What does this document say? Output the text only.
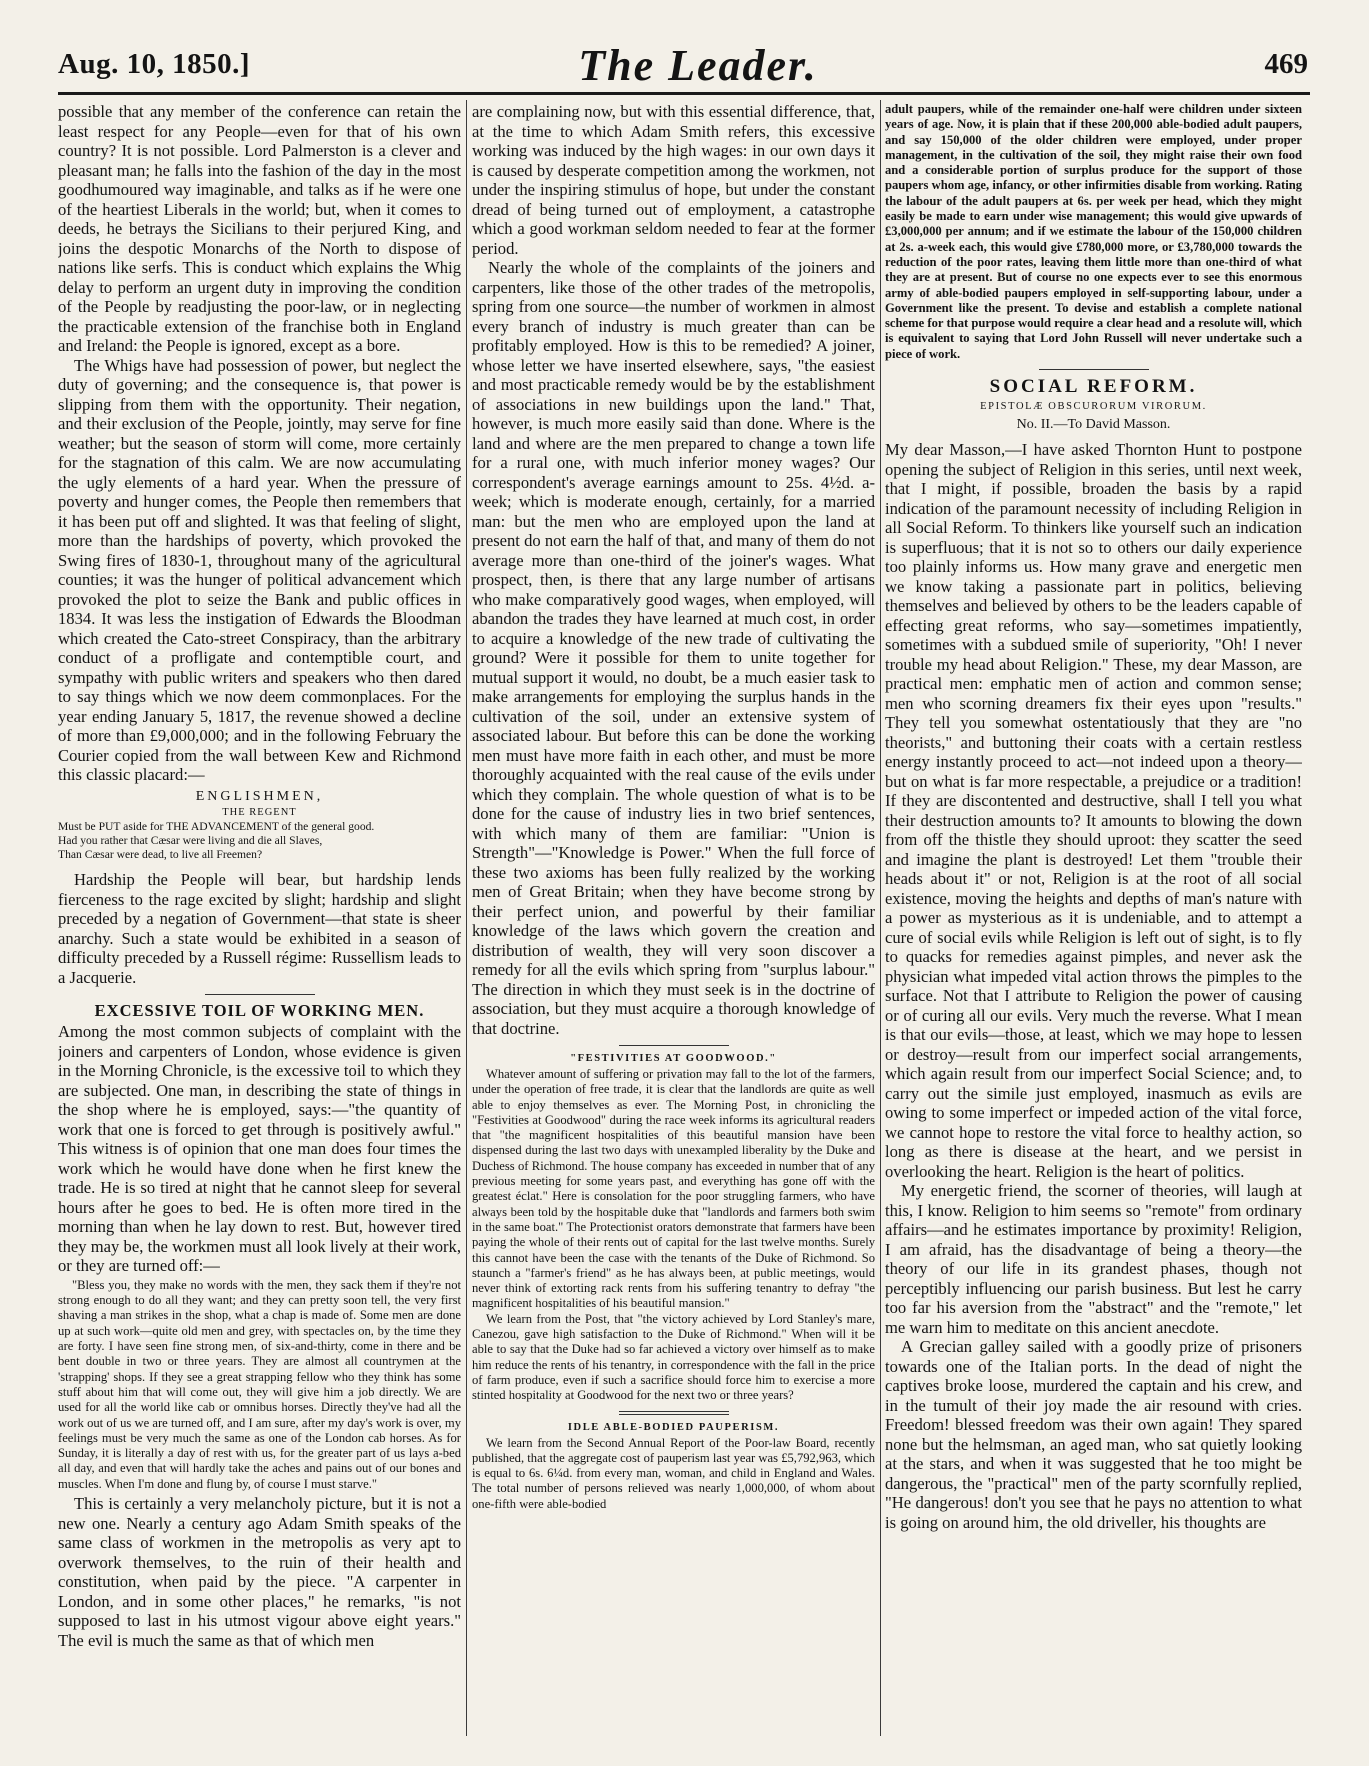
Aug. 10, 1850.]	The Leader.	469

possible that any member of the conference can retain the least respect for any People—even for that of his own country? It is not possible. Lord Palmerston is a clever and pleasant man; he falls into the fashion of the day in the most goodhumoured way imaginable, and talks as if he were one of the heartiest Liberals in the world; but, when it comes to deeds, he betrays the Sicilians to their perjured King, and joins the despotic Monarchs of the North to dispose of nations like serfs. This is conduct which explains the Whig delay to perform an urgent duty in improving the condition of the People by readjusting the poor-law, or in neglecting the practicable extension of the franchise both in England and Ireland: the People is ignored, except as a bore.

The Whigs have had possession of power, but neglect the duty of governing; and the consequence is, that power is slipping from them with the opportunity. Their negation, and their exclusion of the People, jointly, may serve for fine weather; but the season of storm will come, more certainly for the stagnation of this calm. We are now accumulating the ugly elements of a hard year. When the pressure of poverty and hunger comes, the People then remembers that it has been put off and slighted. It was that feeling of slight, more than the hardships of poverty, which provoked the Swing fires of 1830-1, throughout many of the agricultural counties; it was the hunger of political advancement which provoked the plot to seize the Bank and public offices in 1834. It was less the instigation of Edwards the Bloodman which created the Cato-street Conspiracy, than the arbitrary conduct of a profligate and contemptible court, and sympathy with public writers and speakers who then dared to say things which we now deem commonplaces. For the year ending January 5, 1817, the revenue showed a decline of more than £9,000,000; and in the following February the Courier copied from the wall between Kew and Richmond this classic placard:—

ENGLISHMEN,
THE REGENT
Must be PUT aside for THE ADVANCEMENT of the general good.
Had you rather that Cæsar were living and die all Slaves,
Than Cæsar were dead, to live all Freemen?

Hardship the People will bear, but hardship lends fierceness to the rage excited by slight; hardship and slight preceded by a negation of Government—that state is sheer anarchy. Such a state would be exhibited in a season of difficulty preceded by a Russell régime: Russellism leads to a Jacquerie.

EXCESSIVE TOIL OF WORKING MEN.

Among the most common subjects of complaint with the joiners and carpenters of London, whose evidence is given in the Morning Chronicle, is the excessive toil to which they are subjected. One man, in describing the state of things in the shop where he is employed, says:—"the quantity of work that one is forced to get through is positively awful." This witness is of opinion that one man does four times the work which he would have done when he first knew the trade. He is so tired at night that he cannot sleep for several hours after he goes to bed. He is often more tired in the morning than when he lay down to rest. But, however tired they may be, the workmen must all look lively at their work, or they are turned off:—

"Bless you, they make no words with the men, they sack them if they're not strong enough to do all they want; and they can pretty soon tell, the very first shaving a man strikes in the shop, what a chap is made of. Some men are done up at such work—quite old men and grey, with spectacles on, by the time they are forty. I have seen fine strong men, of six-and-thirty, come in there and be bent double in two or three years. They are almost all countrymen at the 'strapping' shops. If they see a great strapping fellow who they think has some stuff about him that will come out, they will give him a job directly. We are used for all the world like cab or omnibus horses. Directly they've had all the work out of us we are turned off, and I am sure, after my day's work is over, my feelings must be very much the same as one of the London cab horses. As for Sunday, it is literally a day of rest with us, for the greater part of us lays a-bed all day, and even that will hardly take the aches and pains out of our bones and muscles. When I'm done and flung by, of course I must starve."

This is certainly a very melancholy picture, but it is not a new one. Nearly a century ago Adam Smith speaks of the same class of workmen in the metropolis as very apt to overwork themselves, to the ruin of their health and constitution, when paid by the piece. "A carpenter in London, and in some other places," he remarks, "is not supposed to last in his utmost vigour above eight years." The evil is much the same as that of which men

are complaining now, but with this essential difference, that, at the time to which Adam Smith refers, this excessive working was induced by the high wages: in our own days it is caused by desperate competition among the workmen, not under the inspiring stimulus of hope, but under the constant dread of being turned out of employment, a catastrophe which a good workman seldom needed to fear at the former period.

Nearly the whole of the complaints of the joiners and carpenters, like those of the other trades of the metropolis, spring from one source—the number of workmen in almost every branch of industry is much greater than can be profitably employed. How is this to be remedied? A joiner, whose letter we have inserted elsewhere, says, "the easiest and most practicable remedy would be by the establishment of associations in new buildings upon the land." That, however, is much more easily said than done. Where is the land and where are the men prepared to change a town life for a rural one, with much inferior money wages? Our correspondent's average earnings amount to 25s. 4½d. a-week; which is moderate enough, certainly, for a married man: but the men who are employed upon the land at present do not earn the half of that, and many of them do not average more than one-third of the joiner's wages. What prospect, then, is there that any large number of artisans who make comparatively good wages, when employed, will abandon the trades they have learned at much cost, in order to acquire a knowledge of the new trade of cultivating the ground? Were it possible for them to unite together for mutual support it would, no doubt, be a much easier task to make arrangements for employing the surplus hands in the cultivation of the soil, under an extensive system of associated labour. But before this can be done the working men must have more faith in each other, and must be more thoroughly acquainted with the real cause of the evils under which they complain. The whole question of what is to be done for the cause of industry lies in two brief sentences, with which many of them are familiar: "Union is Strength"—"Knowledge is Power." When the full force of these two axioms has been fully realized by the working men of Great Britain; when they have become strong by their perfect union, and powerful by their familiar knowledge of the laws which govern the creation and distribution of wealth, they will very soon discover a remedy for all the evils which spring from "surplus labour." The direction in which they must seek is in the doctrine of association, but they must acquire a thorough knowledge of that doctrine.

"FESTIVITIES AT GOODWOOD."

Whatever amount of suffering or privation may fall to the lot of the farmers, under the operation of free trade, it is clear that the landlords are quite as well able to enjoy themselves as ever. The Morning Post, in chronicling the "Festivities at Goodwood" during the race week informs its agricultural readers that "the magnificent hospitalities of this beautiful mansion have been dispensed during the last two days with unexampled liberality by the Duke and Duchess of Richmond. The house company has exceeded in number that of any previous meeting for some years past, and everything has gone off with the greatest éclat." Here is consolation for the poor struggling farmers, who have always been told by the hospitable duke that "landlords and farmers both swim in the same boat." The Protectionist orators demonstrate that farmers have been paying the whole of their rents out of capital for the last twelve months. Surely this cannot have been the case with the tenants of the Duke of Richmond. So staunch a "farmer's friend" as he has always been, at public meetings, would never think of extorting rack rents from his suffering tenantry to defray "the magnificent hospitalities of his beautiful mansion."

We learn from the Post, that "the victory achieved by Lord Stanley's mare, Canezou, gave high satisfaction to the Duke of Richmond." When will it be able to say that the Duke had so far achieved a victory over himself as to make him reduce the rents of his tenantry, in correspondence with the fall in the price of farm produce, even if such a sacrifice should force him to exercise a more stinted hospitality at Goodwood for the next two or three years?

IDLE ABLE-BODIED PAUPERISM.

We learn from the Second Annual Report of the Poor-law Board, recently published, that the aggregate cost of pauperism last year was £5,792,963, which is equal to 6s. 6¼d. from every man, woman, and child in England and Wales. The total number of persons relieved was nearly 1,000,000, of whom about one-fifth were able-bodied

adult paupers, while of the remainder one-half were children under sixteen years of age. Now, it is plain that if these 200,000 able-bodied adult paupers, and say 150,000 of the older children were employed, under proper management, in the cultivation of the soil, they might raise their own food and a considerable portion of surplus produce for the support of those paupers whom age, infancy, or other infirmities disable from working. Rating the labour of the adult paupers at 6s. per week per head, which they might easily be made to earn under wise management; this would give upwards of £3,000,000 per annum; and if we estimate the labour of the 150,000 children at 2s. a-week each, this would give £780,000 more, or £3,780,000 towards the reduction of the poor rates, leaving them little more than one-third of what they are at present. But of course no one expects ever to see this enormous army of able-bodied paupers employed in self-supporting labour, under a Government like the present. To devise and establish a complete national scheme for that purpose would require a clear head and a resolute will, which is equivalent to saying that Lord John Russell will never undertake such a piece of work.

SOCIAL REFORM.
EPISTOLÆ OBSCURORUM VIRORUM.
No. II.—To David Masson.

My dear Masson,—I have asked Thornton Hunt to postpone opening the subject of Religion in this series, until next week, that I might, if possible, broaden the basis by a rapid indication of the paramount necessity of including Religion in all Social Reform. To thinkers like yourself such an indication is superfluous; that it is not so to others our daily experience too plainly informs us. How many grave and energetic men we know taking a passionate part in politics, believing themselves and believed by others to be the leaders capable of effecting great reforms, who say—sometimes impatiently, sometimes with a subdued smile of superiority, "Oh! I never trouble my head about Religion." These, my dear Masson, are practical men: emphatic men of action and common sense; men who scorning dreamers fix their eyes upon "results." They tell you somewhat ostentatiously that they are "no theorists," and buttoning their coats with a certain restless energy instantly proceed to act—not indeed upon a theory—but on what is far more respectable, a prejudice or a tradition! If they are discontented and destructive, shall I tell you what their destruction amounts to? It amounts to blowing the down from off the thistle they should uproot: they scatter the seed and imagine the plant is destroyed! Let them "trouble their heads about it" or not, Religion is at the root of all social existence, moving the heights and depths of man's nature with a power as mysterious as it is undeniable, and to attempt a cure of social evils while Religion is left out of sight, is to fly to quacks for remedies against pimples, and never ask the physician what impeded vital action throws the pimples to the surface. Not that I attribute to Religion the power of causing or of curing all our evils. Very much the reverse. What I mean is that our evils—those, at least, which we may hope to lessen or destroy—result from our imperfect social arrangements, which again result from our imperfect Social Science; and, to carry out the simile just employed, inasmuch as evils are owing to some imperfect or impeded action of the vital force, we cannot hope to restore the vital force to healthy action, so long as there is disease at the heart, and we persist in overlooking the heart. Religion is the heart of politics.

My energetic friend, the scorner of theories, will laugh at this, I know. Religion to him seems so "remote" from ordinary affairs—and he estimates importance by proximity! Religion, I am afraid, has the disadvantage of being a theory—the theory of our life in its grandest phases, though not perceptibly influencing our parish business. But lest he carry too far his aversion from the "abstract" and the "remote," let me warn him to meditate on this ancient anecdote.

A Grecian galley sailed with a goodly prize of prisoners towards one of the Italian ports. In the dead of night the captives broke loose, murdered the captain and his crew, and in the tumult of their joy made the air resound with cries. Freedom! blessed freedom was their own again! They spared none but the helmsman, an aged man, who sat quietly looking at the stars, and when it was suggested that he too might be dangerous, the "practical" men of the party scornfully replied, "He dangerous! don't you see that he pays no attention to what is going on around him, the old driveller, his thoughts are
